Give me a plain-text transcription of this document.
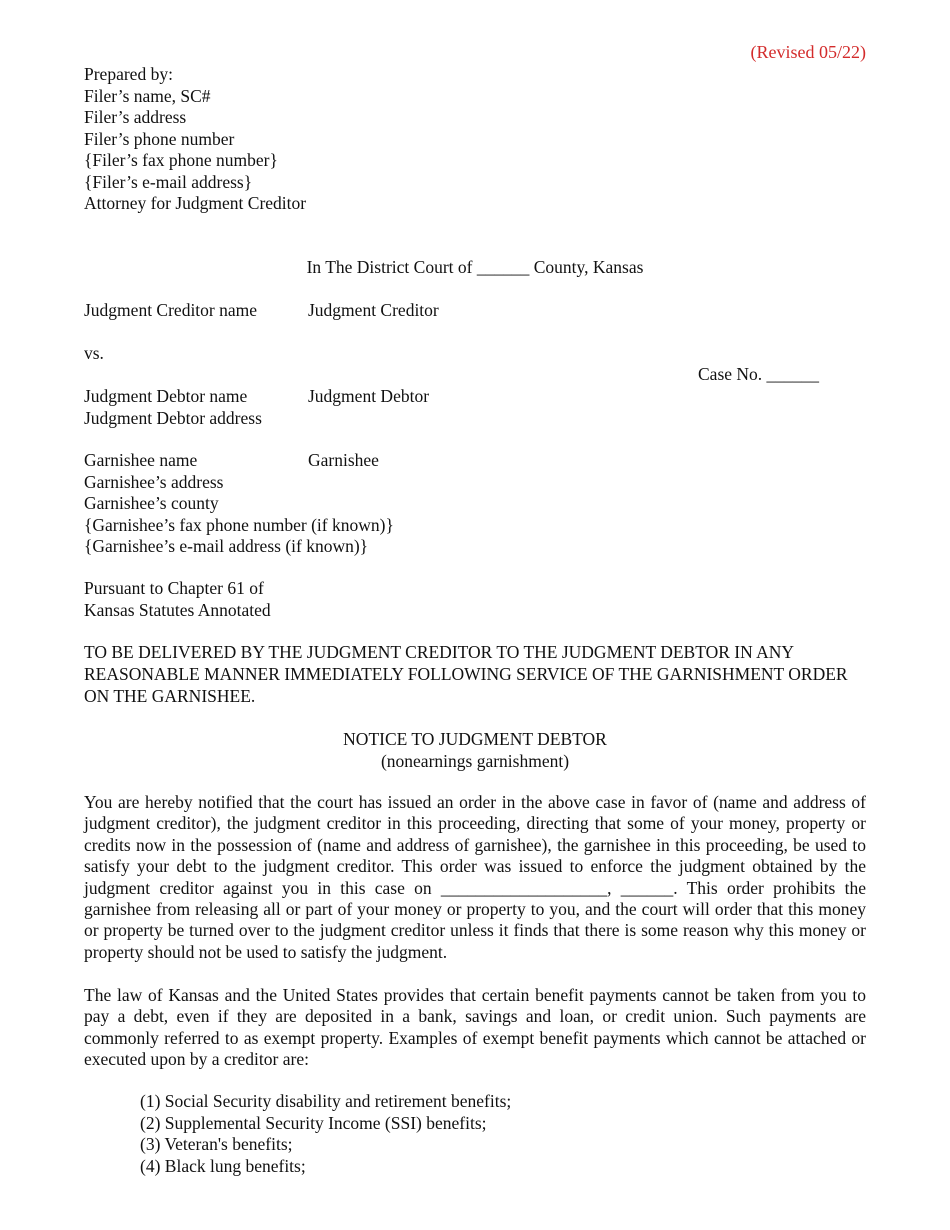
(Revised 05/22)
Prepared by:
Filer’s name, SC#
Filer’s address
Filer’s phone number
{Filer’s fax phone number}
{Filer’s e-mail address}
Attorney for Judgment Creditor
In The District Court of ______ County, Kansas
Judgment Creditor name	Judgment Creditor
vs.
Case No. ______
Judgment Debtor name
Judgment Debtor address
Judgment Debtor
Garnishee name
Garnishee’s address
Garnishee’s county
{Garnishee’s fax phone number (if known)}
{Garnishee’s e-mail address (if known)}
Garnishee
Pursuant to Chapter 61 of
Kansas Statutes Annotated
TO BE DELIVERED BY THE JUDGMENT CREDITOR TO THE JUDGMENT DEBTOR IN ANY REASONABLE MANNER IMMEDIATELY FOLLOWING SERVICE OF THE GARNISHMENT ORDER ON THE GARNISHEE.
NOTICE TO JUDGMENT DEBTOR
(nonearnings garnishment)
You are hereby notified that the court has issued an order in the above case in favor of (name and address of judgment creditor), the judgment creditor in this proceeding, directing that some of your money, property or credits now in the possession of (name and address of garnishee), the garnishee in this proceeding, be used to satisfy your debt to the judgment creditor. This order was issued to enforce the judgment obtained by the judgment creditor against you in this case on ___________________, ______. This order prohibits the garnishee from releasing all or part of your money or property to you, and the court will order that this money or property be turned over to the judgment creditor unless it finds that there is some reason why this money or property should not be used to satisfy the judgment.
The law of Kansas and the United States provides that certain benefit payments cannot be taken from you to pay a debt, even if they are deposited in a bank, savings and loan, or credit union. Such payments are commonly referred to as exempt property. Examples of exempt benefit payments which cannot be attached or executed upon by a creditor are:
(1) Social Security disability and retirement benefits;
(2) Supplemental Security Income (SSI) benefits;
(3) Veteran's benefits;
(4) Black lung benefits;
